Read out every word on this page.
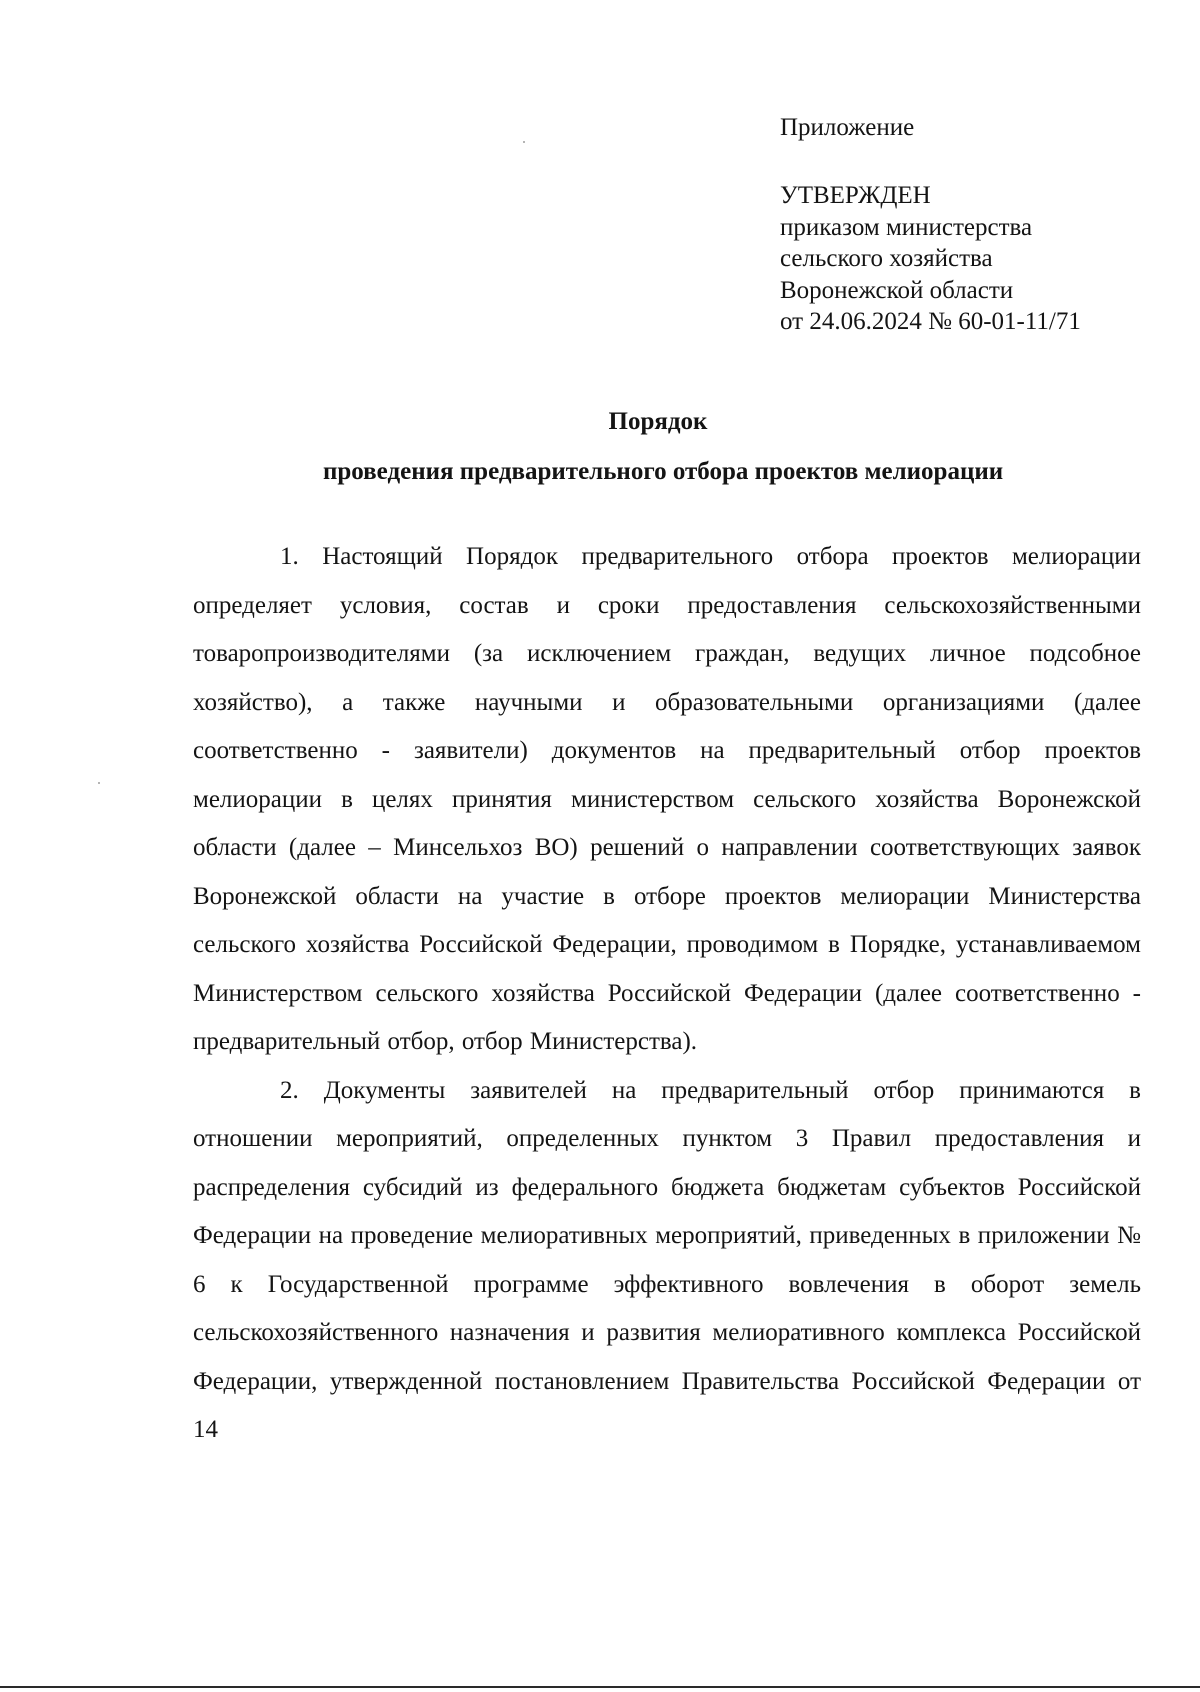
Приложение
УТВЕРЖДЕН
приказом министерства
сельского хозяйства
Воронежской области
от 24.06.2024 № 60-01-11/71
Порядок
проведения предварительного отбора проектов мелиорации

1. Настоящий Порядок предварительного отбора проектов мелиорации определяет условия, состав и сроки предоставления сельскохозяйственными товаропроизводителями (за исключением граждан, ведущих личное подсобное хозяйство), а также научными и образовательными организациями (далее соответственно - заявители) документов на предварительный отбор проектов мелиорации в целях принятия министерством сельского хозяйства Воронежской области (далее – Минсельхоз ВО) решений о направлении соответствующих заявок Воронежской области на участие в отборе проектов мелиорации Министерства сельского хозяйства Российской Федерации, проводимом в Порядке, устанавливаемом Министерством сельского хозяйства Российской Федерации (далее соответственно - предварительный отбор, отбор Министерства).

2. Документы заявителей на предварительный отбор принимаются в отношении мероприятий, определенных пунктом 3 Правил предоставления и распределения субсидий из федерального бюджета бюджетам субъектов Российской Федерации на проведение мелиоративных мероприятий, приведенных в приложении № 6 к Государственной программе эффективного вовлечения в оборот земель сельскохозяйственного назначения и развития мелиоративного комплекса Российской Федерации, утвержденной постановлением Правительства Российской Федерации от 14
